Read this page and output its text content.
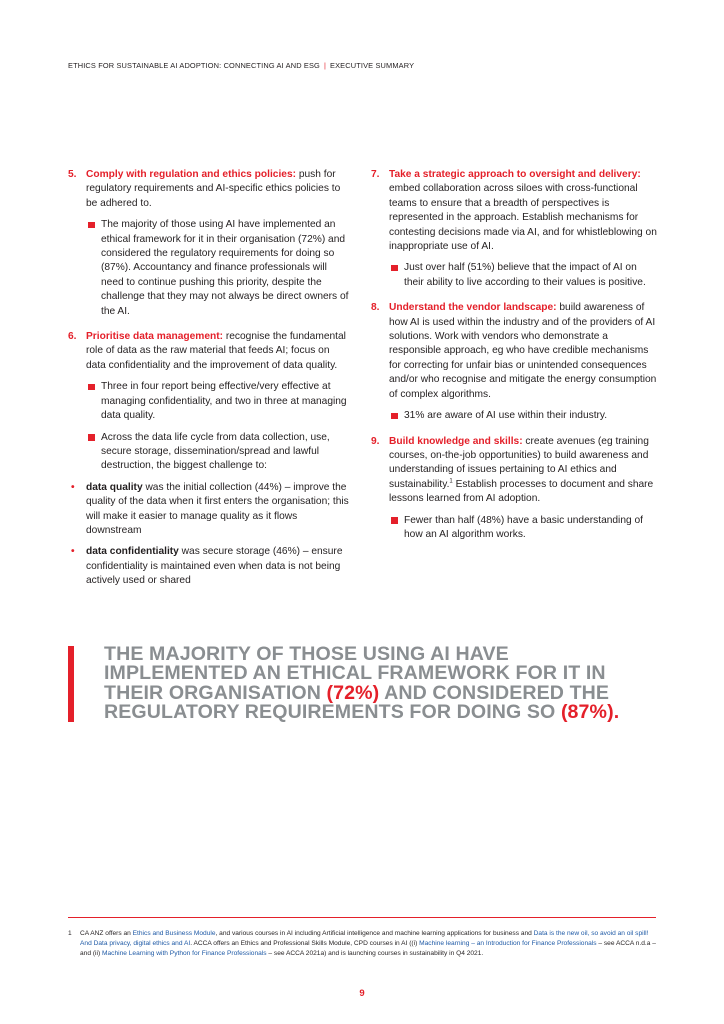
ETHICS FOR SUSTAINABLE AI ADOPTION: CONNECTING AI AND ESG | EXECUTIVE SUMMARY
5. Comply with regulation and ethics policies: push for regulatory requirements and AI-specific ethics policies to be adhered to.
The majority of those using AI have implemented an ethical framework for it in their organisation (72%) and considered the regulatory requirements for doing so (87%). Accountancy and finance professionals will need to continue pushing this priority, despite the challenge that they may not always be direct owners of the AI.
6. Prioritise data management: recognise the fundamental role of data as the raw material that feeds AI; focus on data confidentiality and the improvement of data quality.
Three in four report being effective/very effective at managing confidentiality, and two in three at managing data quality.
Across the data life cycle from data collection, use, secure storage, dissemination/spread and lawful destruction, the biggest challenge to:
• data quality was the initial collection (44%) – improve the quality of the data when it first enters the organisation; this will make it easier to manage quality as it flows downstream
• data confidentiality was secure storage (46%) – ensure confidentiality is maintained even when data is not being actively used or shared
7. Take a strategic approach to oversight and delivery: embed collaboration across siloes with cross-functional teams to ensure that a breadth of perspectives is represented in the approach. Establish mechanisms for contesting decisions made via AI, and for whistleblowing on inappropriate use of AI.
Just over half (51%) believe that the impact of AI on their ability to live according to their values is positive.
8. Understand the vendor landscape: build awareness of how AI is used within the industry and of the providers of AI solutions. Work with vendors who demonstrate a responsible approach, eg who have credible mechanisms for correcting for unfair bias or unintended consequences and/or who recognise and mitigate the energy consumption of complex algorithms.
31% are aware of AI use within their industry.
9. Build knowledge and skills: create avenues (eg training courses, on-the-job opportunities) to build awareness and understanding of issues pertaining to AI ethics and sustainability.$^1$ Establish processes to document and share lessons learned from AI adoption.
Fewer than half (48%) have a basic understanding of how an AI algorithm works.
THE MAJORITY OF THOSE USING AI HAVE IMPLEMENTED AN ETHICAL FRAMEWORK FOR IT IN THEIR ORGANISATION (72%) AND CONSIDERED THE REGULATORY REQUIREMENTS FOR DOING SO (87%).
1 CA ANZ offers an Ethics and Business Module, and various courses in AI including Artificial intelligence and machine learning applications for business and Data is the new oil, so avoid an oil spill! And Data privacy, digital ethics and AI. ACCA offers an Ethics and Professional Skills Module, CPD courses in AI ((i) Machine learning – an Introduction for Finance Professionals – see ACCA n.d.a – and (ii) Machine Learning with Python for Finance Professionals – see ACCA 2021a) and is launching courses in sustainability in Q4 2021.
9
